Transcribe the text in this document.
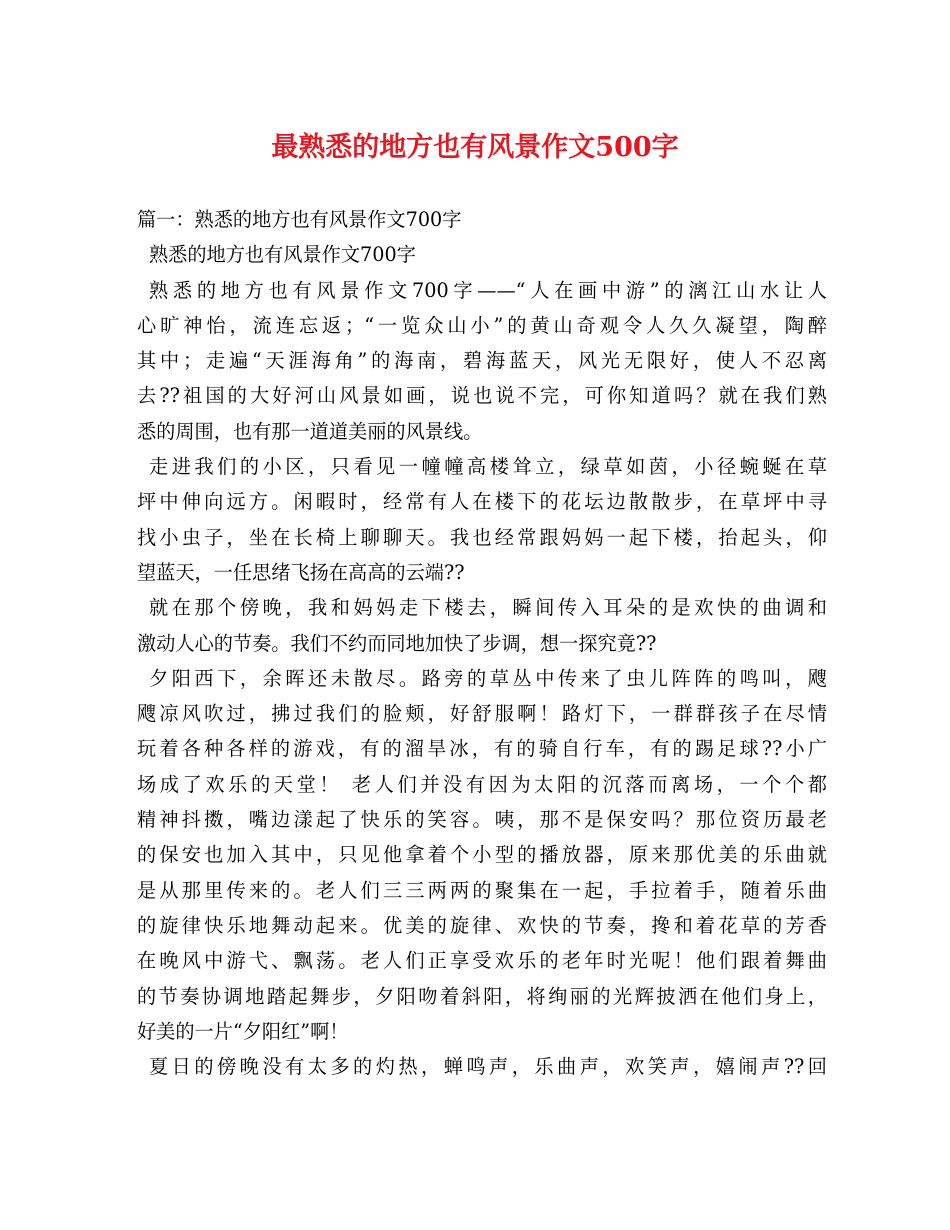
最熟悉的地方也有风景作文500字
篇一：熟悉的地方也有风景作文700字
熟悉的地方也有风景作文700字
熟悉的地方也有风景作文700字——“人在画中游”的漓江山水让人
心旷神怡，流连忘返；“一览众山小”的黄山奇观令人久久凝望，陶醉
其中；走遍“天涯海角”的海南，碧海蓝天，风光无限好，使人不忍离
去??祖国的大好河山风景如画，说也说不完，可你知道吗？就在我们熟
悉的周围，也有那一道道美丽的风景线。
走进我们的小区，只看见一幢幢高楼耸立，绿草如茵，小径蜿蜒在草
坪中伸向远方。闲暇时，经常有人在楼下的花坛边散散步，在草坪中寻
找小虫子，坐在长椅上聊聊天。我也经常跟妈妈一起下楼，抬起头，仰
望蓝天，一任思绪飞扬在高高的云端??
就在那个傍晚，我和妈妈走下楼去，瞬间传入耳朵的是欢快的曲调和
激动人心的节奏。我们不约而同地加快了步调，想一探究竟??
夕阳西下，余晖还未散尽。路旁的草丛中传来了虫儿阵阵的鸣叫，飕
飕凉风吹过，拂过我们的脸颊，好舒服啊！路灯下，一群群孩子在尽情
玩着各种各样的游戏，有的溜旱冰，有的骑自行车，有的踢足球??小广
场成了欢乐的天堂！ 老人们并没有因为太阳的沉落而离场，一个个都
精神抖擞，嘴边漾起了快乐的笑容。咦，那不是保安吗？那位资历最老
的保安也加入其中，只见他拿着个小型的播放器，原来那优美的乐曲就
是从那里传来的。老人们三三两两的聚集在一起，手拉着手，随着乐曲
的旋律快乐地舞动起来。优美的旋律、欢快的节奏，搀和着花草的芳香
在晚风中游弋、飘荡。老人们正享受欢乐的老年时光呢！他们跟着舞曲
的节奏协调地踏起舞步，夕阳吻着斜阳，将绚丽的光辉披洒在他们身上，
好美的一片“夕阳红”啊！
夏日的傍晚没有太多的灼热，蝉鸣声，乐曲声，欢笑声，嬉闹声??回
